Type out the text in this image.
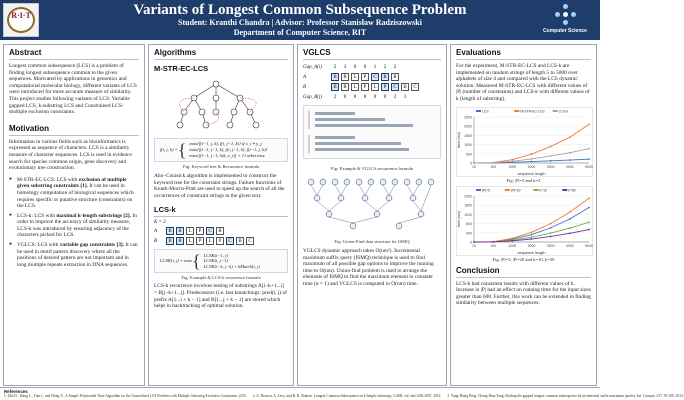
R·I·T	Variants of Longest Common Subsequence Problem
Student: Kranthi Chandra | Advisor: Professor Stanisław Radziszowski
Department of Computer Science, RIT	Computer Science
Abstract
Longest common subsequence (LCS) is a problem of finding longest subsequence common to the given sequences. Motivated by applications in genomics and computational molecular biology, different variants of LCS were introduced for more accurate measure of similarity. This project studies following variants of LCS: Variable gapped LCS, k-substring LCS and Constrained LCS: multiple exclusion constraints.
Motivation
Information in various fields such as bioinformatics is expressed as sequence of characters. LCS is a similarity measure of character sequences. LCS is used in evidence search for species common origin, gene discovery and evolutionary tree construction.
● M-STR-EC-LCS: LCS with exclusion of multiple given substring constraints [1]. It can be used in homology computation of biological sequences which requires specific or putative structure (constraints) on the LCS.
● LCS-k: LCS with maximal k-length substrings [2]. In order to improve the accuracy of similarity measure, LCS-k was introduced by ensuring adjacency of the characters picked for LCS.
● VGLCS: LCS with variable gap constraints [3]. It can be used in motif pattern discovery where all the positions of desired pattern are not important and in long multiple repeats extraction in DNA sequences.
Algorithms
M-STR-EC-LCS
f(i, j, k) = { max{f(i−1, j, k), f(i, j−1, k)} if x_i ≠ y_j
max{f(i−1, j−1, k), f(i, j−1, k), f(i−1, j, k)}
max{f(i−1, j−1, δ(k, x_i)) + 1} otherwise
Fig: Keyword tree & Recurrence formula
Aho–Corasick algorithm is implemented to construct the keyword tree for the constraint strings. Failure functions of Knuth-Morris-Pratt are used to speed up the search of all the occurrences of constraint strings in the given text.
LCS-k
K = 2
A	B	R	L	P	C	R
B	B	R	L	P	L	P	C	B	C
LCSK(i, j) = max { LCSK(i−1, j)
LCSK(i, j−1)
LCSK(i−k, j−k) + kMatch(i, j)
Fig: Example & LCS-k recurrence formula
LCS-k recurrence involves testing of substrings A[i−k+1...i] = B[j−k+1...j]. Predecessors (i.e. last kmatchings: pred(i, j) of prefix A[1...i + k − 1] and B[1...j + k − 1] are stored which helps in backtracking of optimal solution.
VGLCS
Gap_A(i)	2	3	0	0	1	2	2
A	B	R	L	P	C	R	R
B	B	R	L	P	L	P	C	B	C
Gap_B(j)	2	0	0	0	0	0	2	3
Fig: Example & VGLCS recurrence formula
Fig: Union-Find data structure for ISMQ
VGLCS dynamic approach takes O(nm²). Incremental maximum suffix query (ISMQ) technique is used to find maximum of all possible gap options to improve the running time to O(nm). Union-find problem is used to arrange the elements of ISMQ to find the maximum element in constant time (α = 1) and VGLCS is computed in O(nm) time.
Evaluations
For the experiment, M-STR-EC-LCS and LCS-k are implemented on random strings of length 5 to 5000 over alphabets of size 4 and compared with the LCS dynamic solution. Measured M-STR-EC-LCS with different values of |P| (number of constraints) and LCS-k with different values of k (length of substring).
0
500
1000
1500
2000
2500
10	100	1000	2000	3000	4000	5000
sequence length
time (ms)
LCS	M-STR-EC-LCS	LCS-k
Fig: |P|=3 and k=2
0
400
800
1200
1600
2000
10	100	1000	2000	3000	4000	5000
sequence length
time (ms)
|P|=5	|P|=20	k=10	k=50
Fig: |P|=5, |P|=20 and k=10, k=50
Conclusion
LCS-k had consistent results with different values of k. Increase in |P| had an effect on running time for the input sizes greater than 600. Further, this work can be extended in finding similarity between multiple sequences.
References
1. Zhu D., Wang L., Tian J., and Wang X., A Simple Polynomial Time Algorithm for the Generalized LCS Problem with Multiple Substring Exclusive Constraints, 2015. 2. G. Benson, A. Levy, and B. R. Shalom. Longest Common Subsequence in k-length substrings, CoRR, vol. abs/1402.2097, 2014. 3. Yung-Hsing Peng, Chang-Biau Yang, Finding the gapped longest common subsequence by incremental suffix maximum queries, Inf. Comput. 237: 95-100, 2014.
